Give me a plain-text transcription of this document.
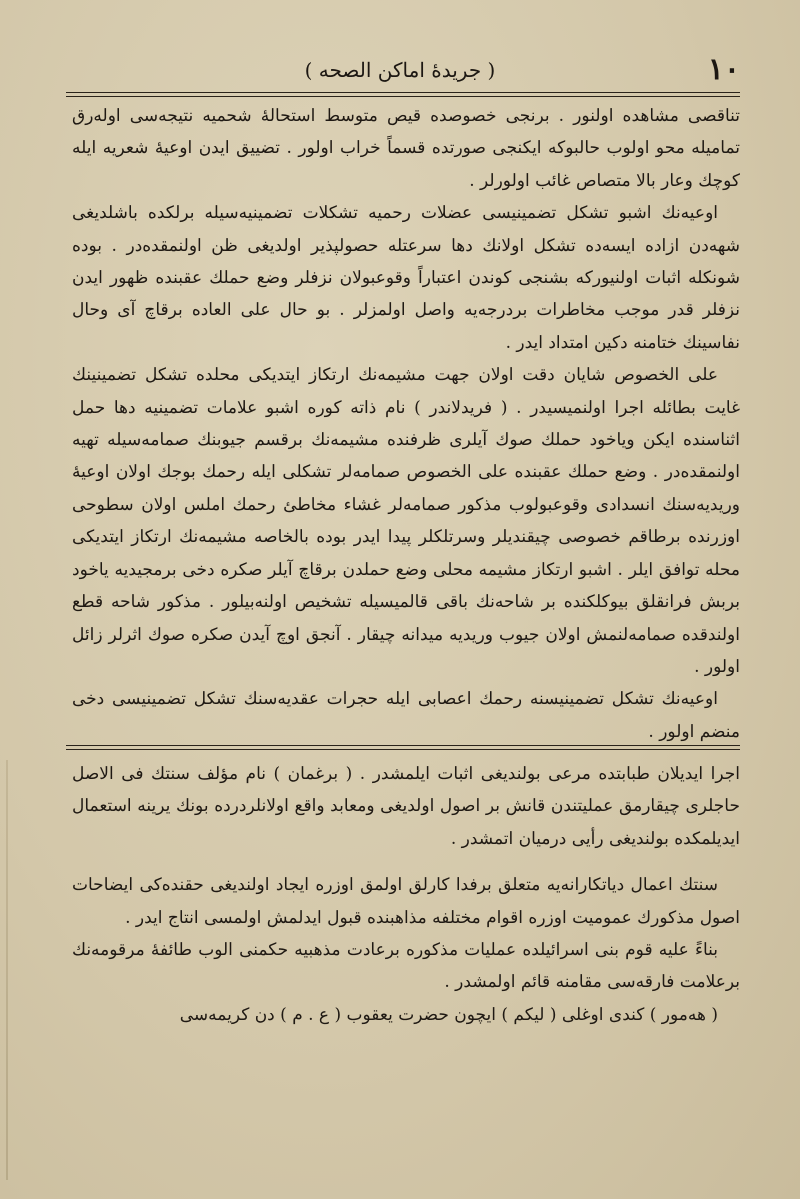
( جريدهٔ اماكن الصحه )	١٠

تناقصی مشاهده اولنور . برنجی خصوصده قیص متوسط استحالهٔ شحمیه نتیجه‌سی اوله‌رق تماميله محو اولوب حالبوكه ايكنجی صورتده قسماً خراب اولور . تضييق ايدن اوعيهٔ شعريه ايله كوچك وعار بالا متصاص غائب اولورلر .

اوعیه‌نك اشبو تشكل تضمينيسی عضلات رحميه تشكلات تضمينيه‌سيله برلكده باشلديغی شهه‌دن ازاده ايسه‌ده تشكل اولانك دها سرعتله حصولپذير اولديغی ظن اولنمقده‌در . بوده شونكله اثبات اولنيوركه بشنجی كوندن اعتباراً وقوعبولان نزفلر وضع حملك عقبنده ظهور ايدن نزفلر قدر موجب مخاطرات بردرجه‌يه واصل اولمزلر . بو حال على العاده برقاچ آی وحال نفاسينك ختامنه دكين امتداد ايدر .

على الخصوص شايان دقت اولان جهت مشيمه‌نك ارتكاز ايتديكی محلده تشكل تضمينينك غايت بطائله اجرا اولنميسيدر . ( فريدلاندر ) نام ذاته كوره اشبو علامات تضمينيه دها حمل اثناسنده ايكن وياخود حملك صوك آيلری ظرفنده مشيمه‌نك برقسم جيوبنك صمامه‌سيله تهيه اولنمقده‌در . وضع حملك عقبنده على الخصوص صمامه‌لر تشكلی ايله رحمك بوجك اولان اوعيهٔ وريديه‌سنك انسدادی وقوعبولوب مذكور صمامه‌لر غشاء مخاطئ رحمك املس اولان سطوحی اوزرنده برطاقم خصوصی چيقنديلر وسرتلكلر پيدا ايدر بوده بالخاصه مشيمه‌نك ارتكاز ايتديكی محله توافق ايلر . اشبو ارتكاز مشيمه محلی وضع حملدن برقاچ آيلر صكره دخی برمجيديه ياخود بربش فرانقلق بيوكلكنده بر شاحه‌نك باقی قالميسيله تشخيص اولنه‌بيلور . مذكور شاحه قطع اولندقده صمامه‌لنمش اولان جيوب وريديه ميدانه چيقار . آنجق اوچ آيدن صكره صوك اثرلر زائل اولور .

اوعیه‌نك تشكل تضمينيسنه رحمك اعصابی ايله حجرات عقديه‌سنك تشكل تضمينيسی دخی منضم اولور .

اجرا ايديلان طبابتده مرعی بولنديغی اثبات ايلمشدر . ( برغمان ) نام مؤلف سنتك فی الاصل حاجلری چيقارمق عمليتندن قانش بر اصول اولديغی ومعابد واقع اولانلردرده بونك يرينه استعمال ايديلمكده بولنديغی رأيی درميان اتمشدر .

سنتك اعمال دياتكارانه‌يه متعلق برفدا كارلق اولمق اوزره ايجاد اولنديغی حقنده‌كی ايضاحات اصول مذكورك عموميت اوزره اقوام مختلفه مذاهبنده قبول ايدلمش اولمسی انتاج ايدر .

بناءً عليه قوم بنی اسرائيلده عمليات مذكوره برعادت مذهبيه حكمنی الوب طائفهٔ مرقومه‌نك برعلامت فارقه‌سی مقامنه قائم اولمشدر .

( هه‌مور ) كندی اوغلی ( ليكم ) ايچون حضرت يعقوب ( ع . م ) دن كريمه‌سی
